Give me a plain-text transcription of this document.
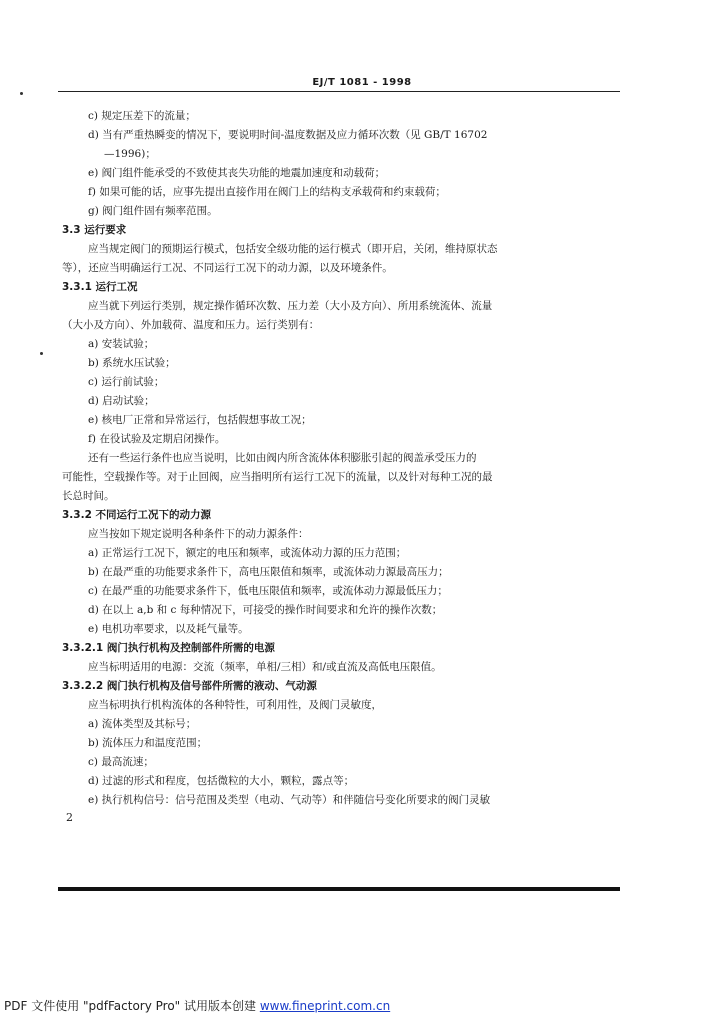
EJ/T 1081 - 1998
c) 规定压差下的流量；
d) 当有严重热瞬变的情况下，要说明时间-温度数据及应力循环次数（见 GB/T 16702
—1996)；
e) 阀门组件能承受的不致使其丧失功能的地震加速度和动载荷；
f) 如果可能的话，应事先提出直接作用在阀门上的结构支承载荷和约束载荷；
g) 阀门组件固有频率范围。
3.3 运行要求
应当规定阀门的预期运行模式，包括安全级功能的运行模式（即开启，关闭，维持原状态
等），还应当明确运行工况、不同运行工况下的动力源，以及环境条件。
3.3.1 运行工况
应当就下列运行类别，规定操作循环次数、压力差（大小及方向）、所用系统流体、流量
（大小及方向）、外加载荷、温度和压力。运行类别有：
a) 安装试验；
b) 系统水压试验；
c) 运行前试验；
d) 启动试验；
e) 核电厂正常和异常运行，包括假想事故工况；
f) 在役试验及定期启闭操作。
还有一些运行条件也应当说明，比如由阀内所含流体体积膨胀引起的阀盖承受压力的
可能性，空载操作等。对于止回阀，应当指明所有运行工况下的流量，以及针对每种工况的最
长总时间。
3.3.2 不同运行工况下的动力源
应当按如下规定说明各种条件下的动力源条件：
a) 正常运行工况下，额定的电压和频率，或流体动力源的压力范围；
b) 在最严重的功能要求条件下，高电压限值和频率，或流体动力源最高压力；
c) 在最严重的功能要求条件下，低电压限值和频率，或流体动力源最低压力；
d) 在以上 a,b 和 c 每种情况下，可接受的操作时间要求和允许的操作次数；
e) 电机功率要求，以及耗气量等。
3.3.2.1 阀门执行机构及控制部件所需的电源
应当标明适用的电源：交流（频率，单相/三相）和/或直流及高低电压限值。
3.3.2.2 阀门执行机构及信号部件所需的液动、气动源
应当标明执行机构流体的各种特性，可利用性，及阀门灵敏度，
a) 流体类型及其标号；
b) 流体压力和温度范围；
c) 最高流速；
d) 过滤的形式和程度，包括微粒的大小，颗粒，露点等；
e) 执行机构信号：信号范围及类型（电动、气动等）和伴随信号变化所要求的阀门灵敏
2
PDF 文件使用 "pdfFactory Pro" 试用版本创建 www.fineprint.com.cn
